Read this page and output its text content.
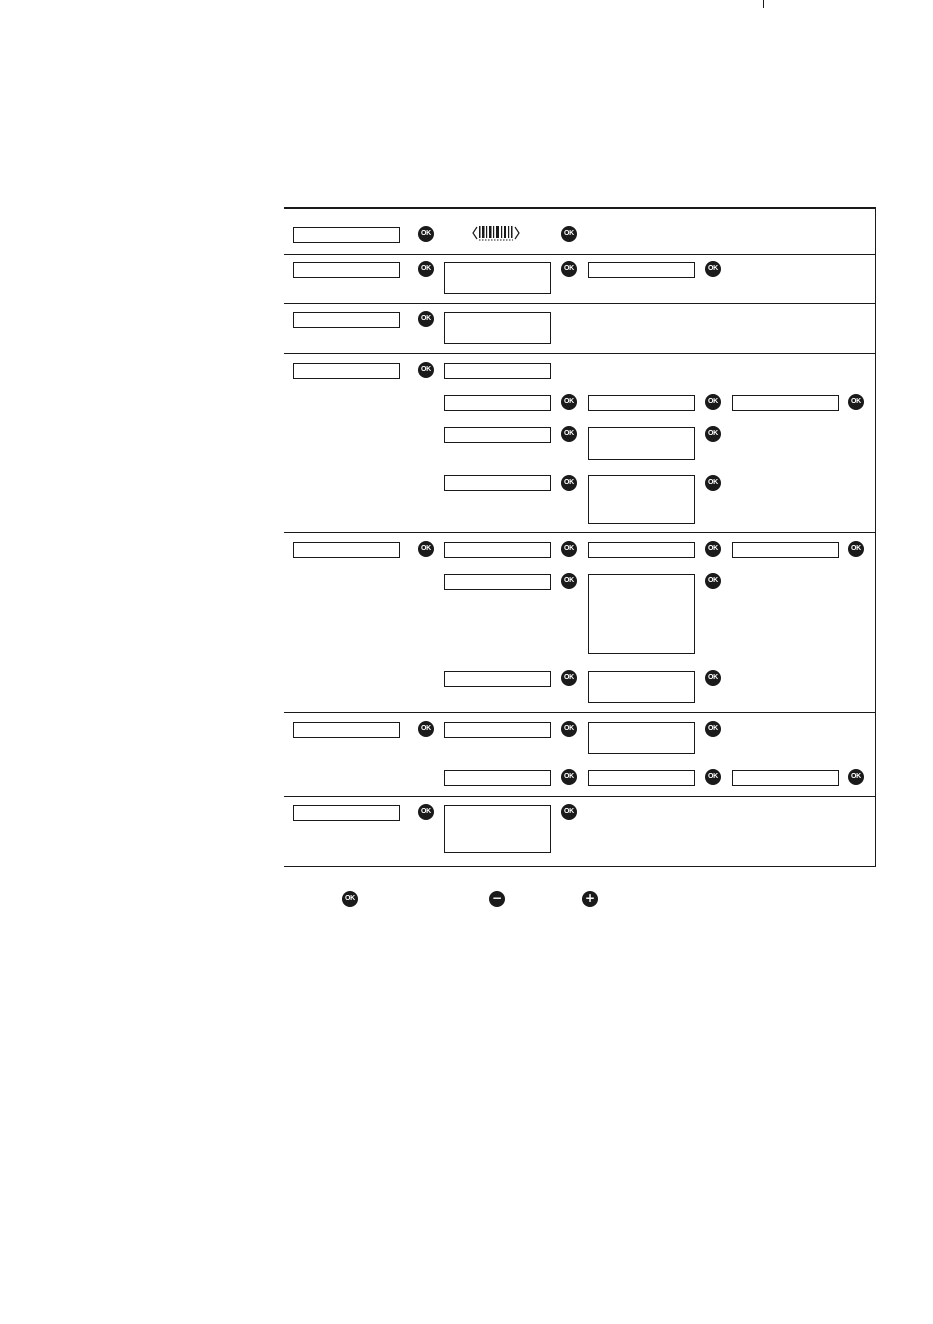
OK	OK
OK	OK	OK
OK
OK
OK	OK	OK
OK	OK
OK	OK
OK	OK	OK	OK
OK	OK
OK	OK
OK	OK	OK
OK	OK	OK
OK	OK
OK	−	+
